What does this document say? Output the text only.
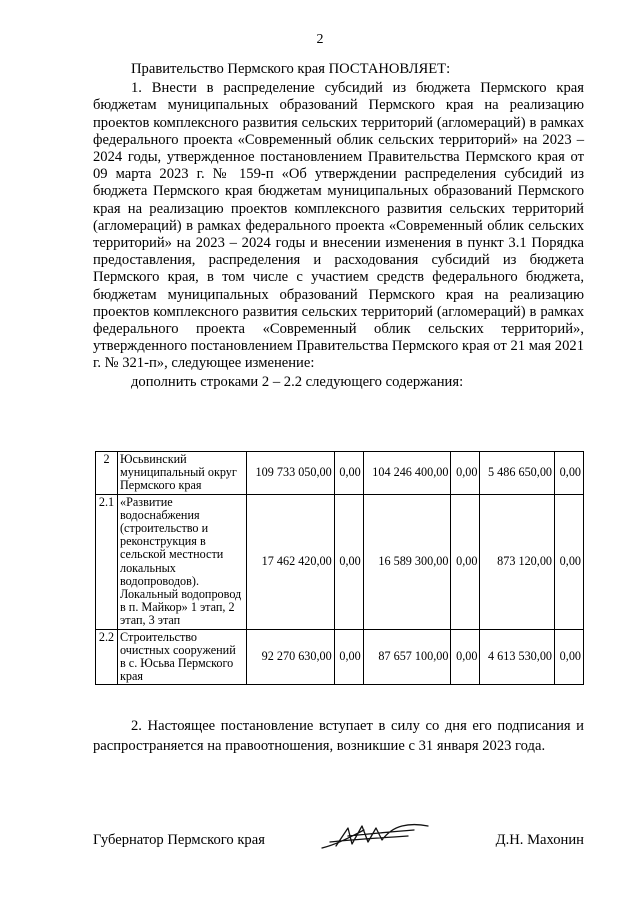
2

Правительство Пермского края ПОСТАНОВЛЯЕТ:

1. Внести в распределение субсидий из бюджета Пермского края бюджетам муниципальных образований Пермского края на реализацию проектов комплексного развития сельских территорий (агломераций) в рамках федерального проекта «Современный облик сельских территорий» на 2023 – 2024 годы, утвержденное постановлением Правительства Пермского края от 09 марта 2023 г. № 159-п «Об утверждении распределения субсидий из бюджета Пермского края бюджетам муниципальных образований Пермского края на реализацию проектов комплексного развития сельских территорий (агломераций) в рамках федерального проекта «Современный облик сельских территорий» на 2023 – 2024 годы и внесении изменения в пункт 3.1 Порядка предоставления, распределения и расходования субсидий из бюджета Пермского края, в том числе с участием средств федерального бюджета, бюджетам муниципальных образований Пермского края на реализацию проектов комплексного развития сельских территорий (агломераций) в рамках федерального проекта «Современный облик сельских территорий», утвержденного постановлением Правительства Пермского края от 21 мая 2021 г. № 321-п», следующее изменение:

дополнить строками 2 – 2.2 следующего содержания:

2	Юсьвинский муниципальный округ Пермского края	109 733 050,00	0,00	104 246 400,00	0,00	5 486 650,00	0,00
2.1	«Развитие водоснабжения (строительство и реконструкция в сельской местности локальных водопроводов). Локальный водопровод в п. Майкор» 1 этап, 2 этап, 3 этап	17 462 420,00	0,00	16 589 300,00	0,00	873 120,00	0,00
2.2	Строительство очистных сооружений в с. Юсьва Пермского края	92 270 630,00	0,00	87 657 100,00	0,00	4 613 530,00	0,00

2. Настоящее постановление вступает в силу со дня его подписания и распространяется на правоотношения, возникшие с 31 января 2023 года.

Губернатор Пермского края	Д.Н. Махонин
